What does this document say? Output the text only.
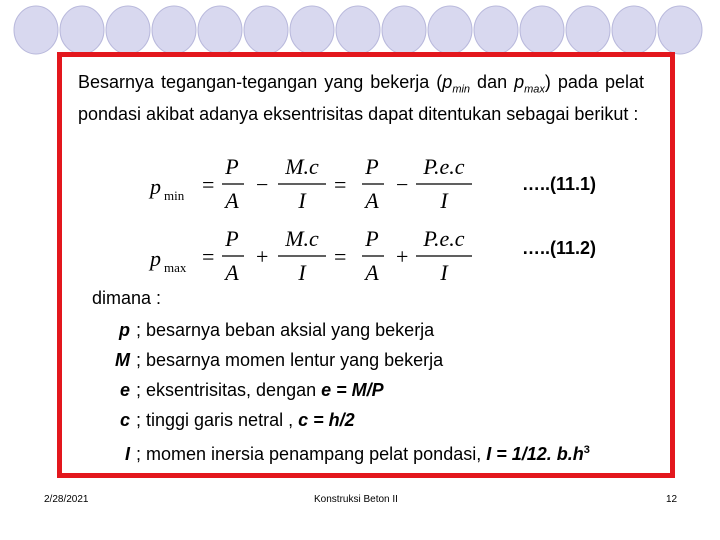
Besarnya tegangan-tegangan yang bekerja ($p_{min}$ dan $p_{max}$) pada pelat pondasi akibat adanya eksentrisitas dapat ditentukan sebagai berikut :
p min =
P
A
−
M.c
I
=
P
A
−
P.e.c
I
…..(11.1)
p max =
P
A
+
M.c
I
=
P
A
+
P.e.c
I
…..(11.2)
dimana :
p ; besarnya beban aksial yang bekerja
M ; besarnya momen lentur yang bekerja
e ; eksentrisitas, dengan e = M/P
c ; tinggi garis netral , c = h/2
I ; momen inersia penampang pelat pondasi, I = 1/12. $b.h^3$
2/28/2021	Konstruksi Beton II	12
